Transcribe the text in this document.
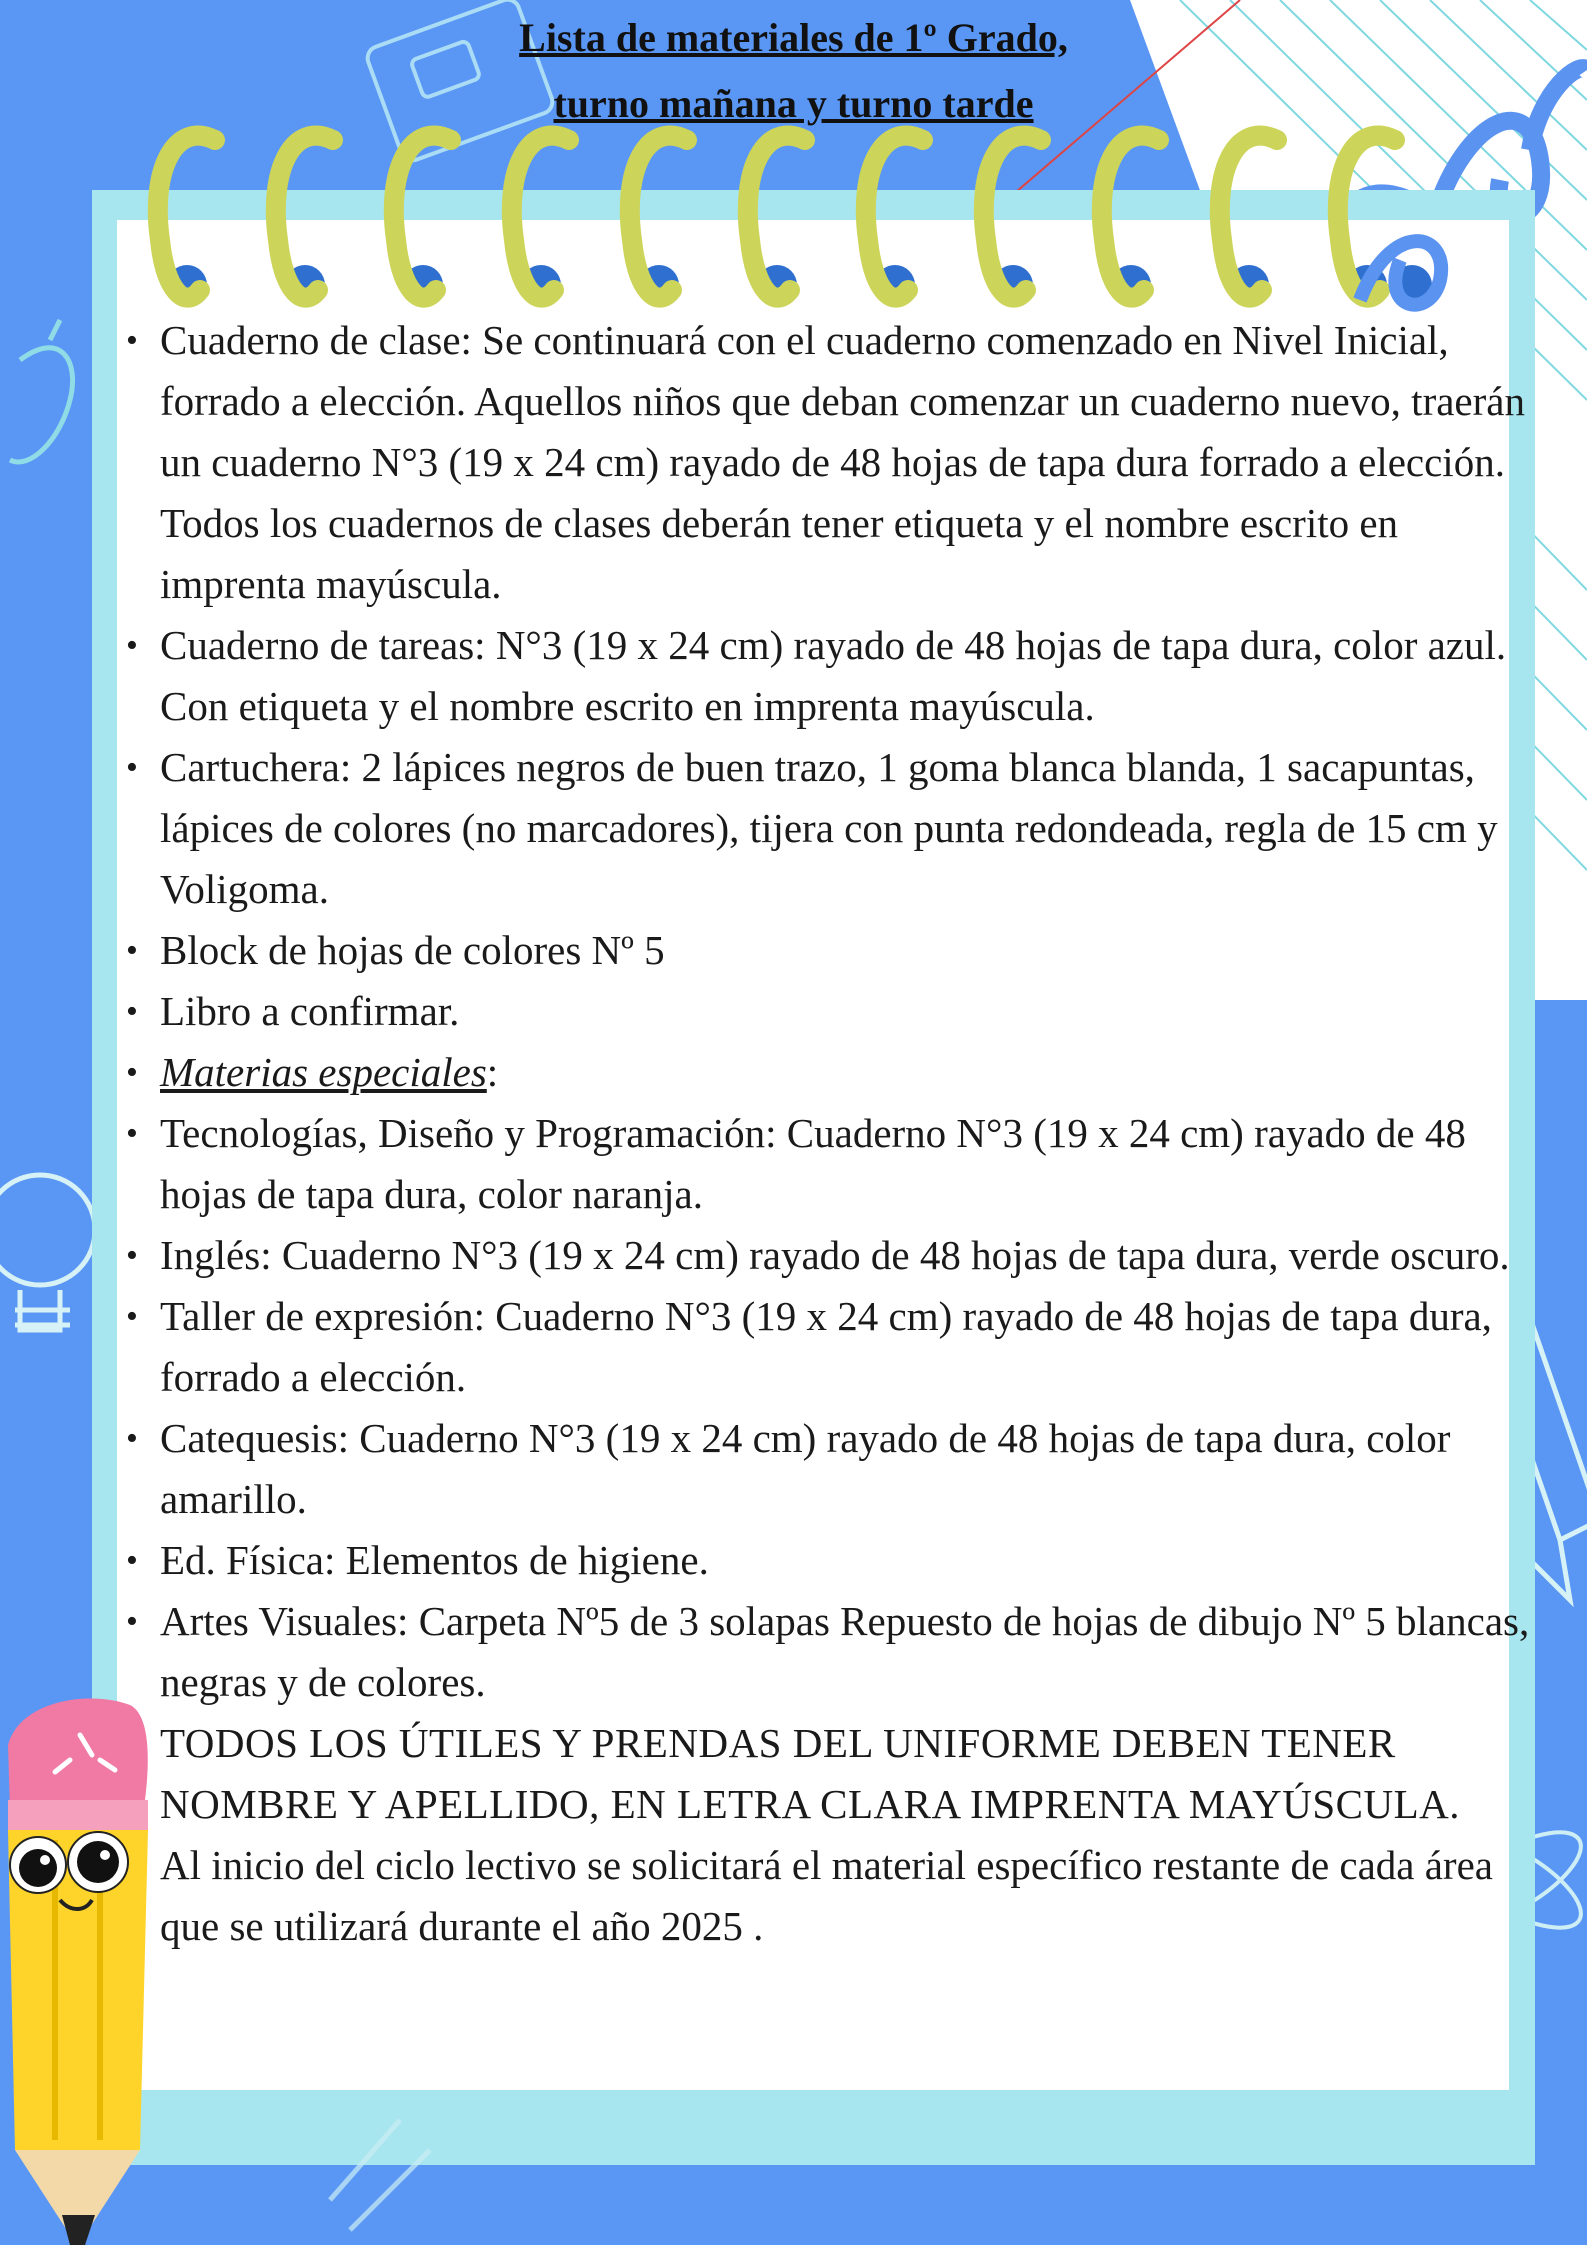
Lista de materiales de 1º Grado,
turno mañana y turno tarde
• Cuaderno de clase: Se continuará con el cuaderno comenzado en Nivel Inicial, forrado a elección. Aquellos niños que deban comenzar un cuaderno nuevo, traerán un cuaderno N°3 (19 x 24 cm) rayado de 48 hojas de tapa dura forrado a elección. Todos los cuadernos de clases deberán tener etiqueta y el nombre escrito en imprenta mayúscula.
• Cuaderno de tareas: N°3 (19 x 24 cm) rayado de 48 hojas de tapa dura, color azul. Con etiqueta y el nombre escrito en imprenta mayúscula.
• Cartuchera: 2 lápices negros de buen trazo, 1 goma blanca blanda, 1 sacapuntas, lápices de colores (no marcadores), tijera con punta redondeada, regla de 15 cm y Voligoma.
• Block de hojas de colores Nº 5
• Libro a confirmar.
• Materias especiales:
• Tecnologías, Diseño y Programación: Cuaderno N°3 (19 x 24 cm) rayado de 48 hojas de tapa dura, color naranja.
• Inglés: Cuaderno N°3 (19 x 24 cm) rayado de 48 hojas de tapa dura, verde oscuro.
• Taller de expresión: Cuaderno N°3 (19 x 24 cm) rayado de 48 hojas de tapa dura, forrado a elección.
• Catequesis: Cuaderno N°3 (19 x 24 cm) rayado de 48 hojas de tapa dura, color amarillo.
• Ed. Física: Elementos de higiene.
• Artes Visuales: Carpeta Nº5 de 3 solapas Repuesto de hojas de dibujo Nº 5 blancas, negras y de colores.
• TODOS LOS ÚTILES Y PRENDAS DEL UNIFORME DEBEN TENER NOMBRE Y APELLIDO, EN LETRA CLARA IMPRENTA MAYÚSCULA.
• Al inicio del ciclo lectivo se solicitará el material específico restante de cada área que se utilizará durante el año 2025 .
